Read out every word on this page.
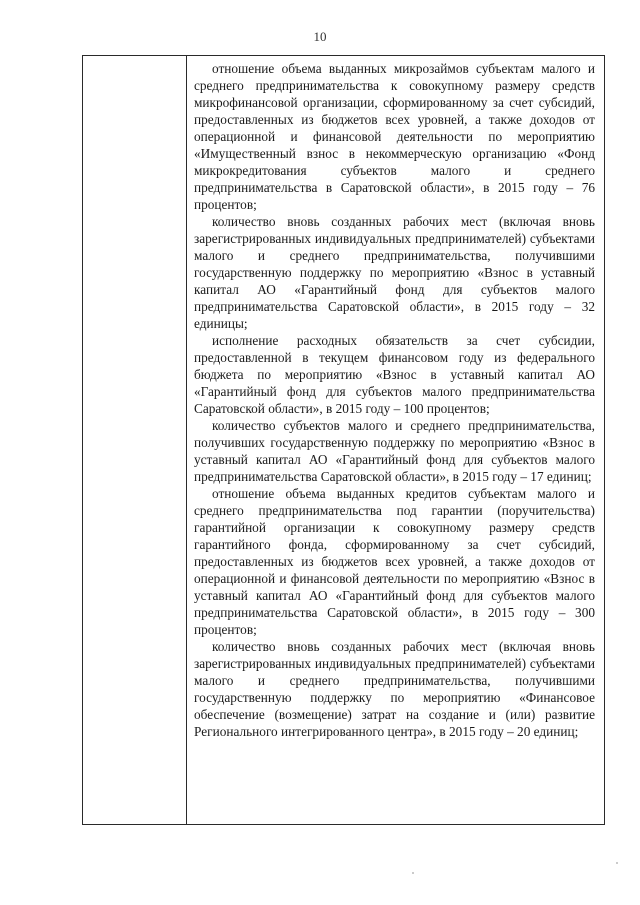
10

отношение объема выданных микрозаймов субъектам малого и среднего предпринимательства к совокупному размеру средств микрофинансовой организации, сформированному за счет субсидий, предоставленных из бюджетов всех уровней, а также доходов от операционной и финансовой деятельности по мероприятию «Имущественный взнос в некоммерческую организацию «Фонд микрокредитования субъектов малого и среднего предпринимательства в Саратовской области», в 2015 году – 76 процентов;

количество вновь созданных рабочих мест (включая вновь зарегистрированных индивидуальных предпринимателей) субъектами малого и среднего предпринимательства, получившими государственную поддержку по мероприятию «Взнос в уставный капитал АО «Гарантийный фонд для субъектов малого предпринимательства Саратовской области», в 2015 году – 32 единицы;

исполнение расходных обязательств за счет субсидии, предоставленной в текущем финансовом году из федерального бюджета по мероприятию «Взнос в уставный капитал АО «Гарантийный фонд для субъектов малого предпринимательства Саратовской области», в 2015 году – 100 процентов;

количество субъектов малого и среднего предпринимательства, получивших государственную поддержку по мероприятию «Взнос в уставный капитал АО «Гарантийный фонд для субъектов малого предпринимательства Саратовской области», в 2015 году – 17 единиц;

отношение объема выданных кредитов субъектам малого и среднего предпринимательства под гарантии (поручительства) гарантийной организации к совокупному размеру средств гарантийного фонда, сформированному за счет субсидий, предоставленных из бюджетов всех уровней, а также доходов от операционной и финансовой деятельности по мероприятию «Взнос в уставный капитал АО «Гарантийный фонд для субъектов малого предпринимательства Саратовской области», в 2015 году – 300 процентов;

количество вновь созданных рабочих мест (включая вновь зарегистрированных индивидуальных предпринимателей) субъектами малого и среднего предпринимательства, получившими государственную поддержку по мероприятию «Финансовое обеспечение (возмещение) затрат на создание и (или) развитие Регионального интегрированного центра», в 2015 году – 20 единиц;
